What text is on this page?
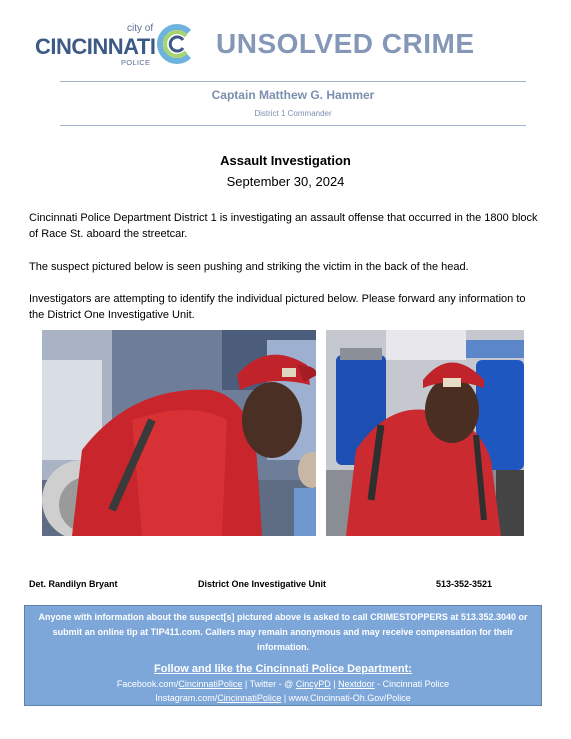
city of
CINCINNATI
POLICE
UNSOLVED CRIME
Captain Matthew G. Hammer
District 1 Commander
Assault Investigation
September 30, 2024
Cincinnati Police Department District 1 is investigating an assault offense that occurred in the 1800 block of Race St. aboard the streetcar.
The suspect pictured below is seen pushing and striking the victim in the back of the head.
Investigators are attempting to identify the individual pictured below. Please forward any information to the District One Investigative Unit.
Det. Randilyn Bryant	District One Investigative Unit	513-352-3521
Anyone with information about the suspect[s] pictured above is asked to call CRIMESTOPPERS at 513.352.3040 or submit an online tip at TIP411.com. Callers may remain anonymous and may receive compensation for their information.
Follow and like the Cincinnati Police Department:
Facebook.com/CincinnatiPolice | Twitter - @ CincyPD | Nextdoor - Cincinnati Police
Instagram.com/CincinnatiPolice | www.Cincinnati-Oh.Gov/Police
